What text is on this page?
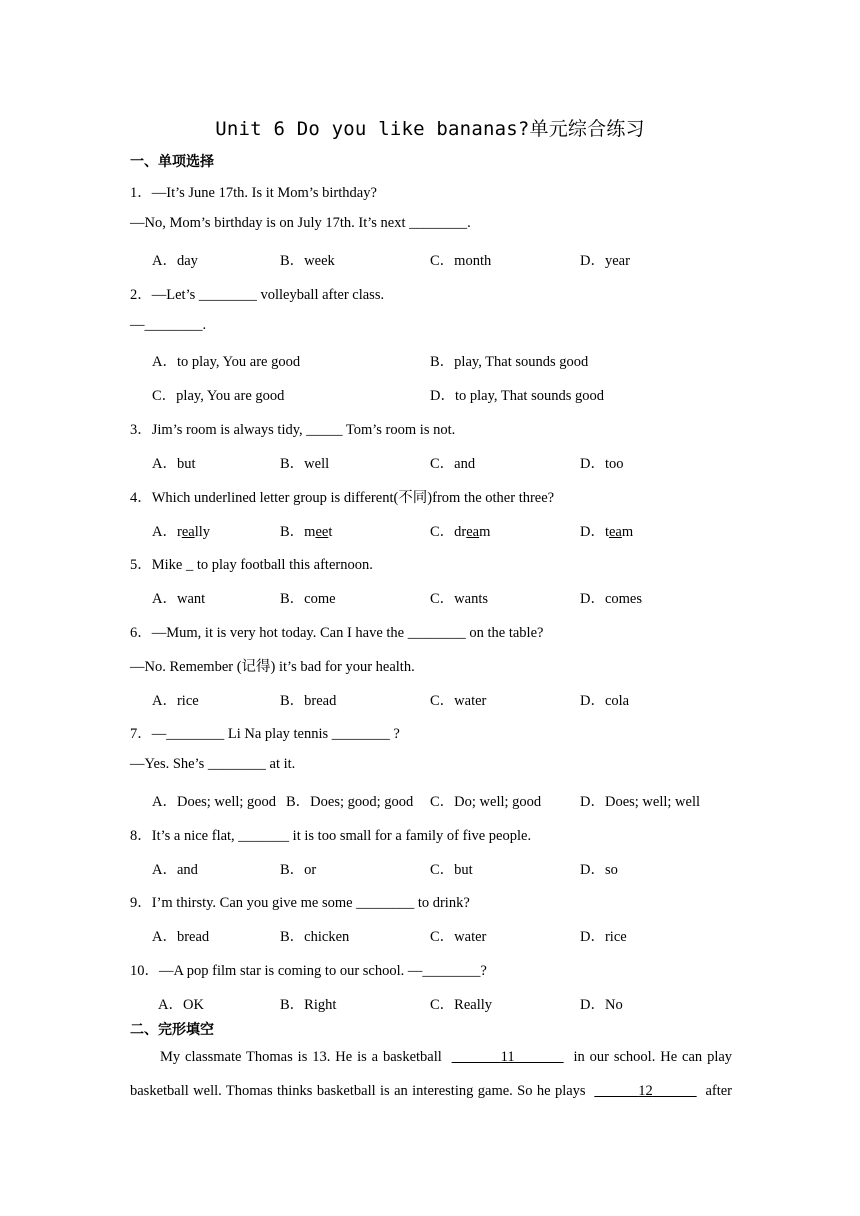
Unit 6 Do you like bananas?单元综合练习
一、单项选择
1．—It’s June 17th. Is it Mom’s birthday?
—No, Mom’s birthday is on July 17th. It’s next ________.
A．day	B．week	C．month	D．year
2．—Let’s ________ volleyball after class.
—________.
A．to play, You are good	B．play, That sounds good
C．play, You are good	D．to play, That sounds good
3．Jim’s room is always tidy, _____ Tom’s room is not.
A．but	B．well	C．and	D．too
4．Which underlined letter group is different(不同)from the other three?
A．really	B．meet	C．dream	D．team
5．Mike _ to play football this afternoon.
A．want	B．come	C．wants	D．comes
6．—Mum, it is very hot today. Can I have the ________ on the table?
—No. Remember (记得) it’s bad for your health.
A．rice	B．bread	C．water	D．cola
7．—________ Li Na play tennis ________ ?
—Yes. She’s ________ at it.
A．Does; well; good B．Does; good; good C．Do; well; good	D．Does; well; well
8．It’s a nice flat, _______ it is too small for a family of five people.
A．and	B．or	C．but	D．so
9．I’m thirsty. Can you give me some ________ to drink?
A．bread	B．chicken	C．water	D．rice
10．—A pop film star is coming to our school. —________?
A．OK	B．Right	C．Really	D．No
二、完形填空
My classmate Thomas is 13. He is a basketball	11	in our school. He can play
basketball well. Thomas thinks basketball is an interesting game. So he plays	12	after
